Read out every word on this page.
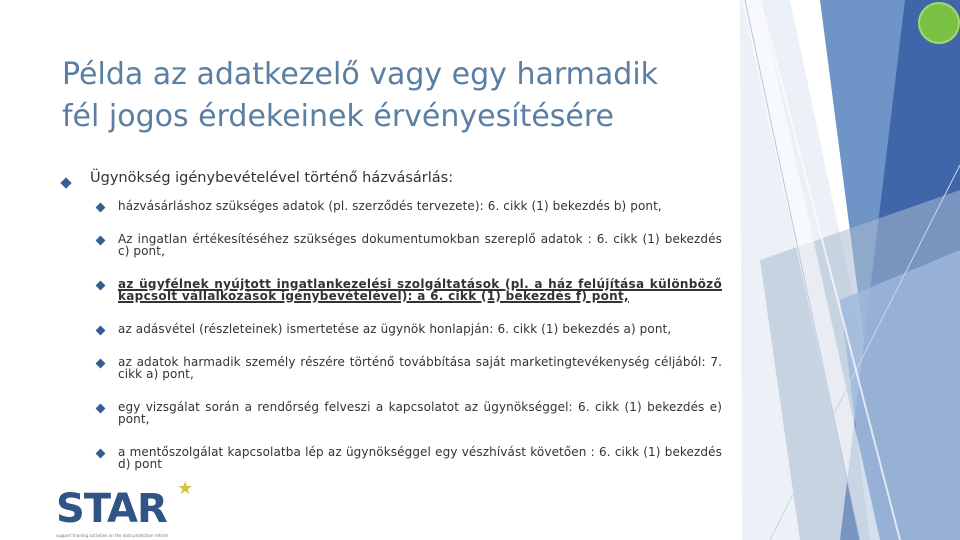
Példa az adatkezelő vagy egy harmadik
fél jogos érdekeinek érvényesítésére
Ügynökség igénybevételével történő házvásárlás:
házvásárláshoz szükséges adatok (pl. szerződés tervezete): 6. cikk (1) bekezdés b) pont,
Az ingatlan értékesítéséhez szükséges dokumentumokban szereplő adatok : 6. cikk (1) bekezdés c) pont,
az ügyfélnek nyújtott ingatlankezelési szolgáltatások (pl. a ház felújítása különböző kapcsolt vállalkozások igénybevételével): a 6. cikk (1) bekezdés f) pont,
az adásvétel (részleteinek) ismertetése az ügynök honlapján: 6. cikk (1) bekezdés a) pont,
az adatok harmadik személy részére történő továbbítása saját marketingtevékenység céljából: 7. cikk a) pont,
egy vizsgálat során a rendőrség felveszi a kapcsolatot az ügynökséggel: 6. cikk (1) bekezdés e) pont,
a mentőszolgálat kapcsolatba lép az ügynökséggel egy vészhívást követően : 6. cikk (1) bekezdés d) pont
STAR ★
support training activities on the data protection reform
